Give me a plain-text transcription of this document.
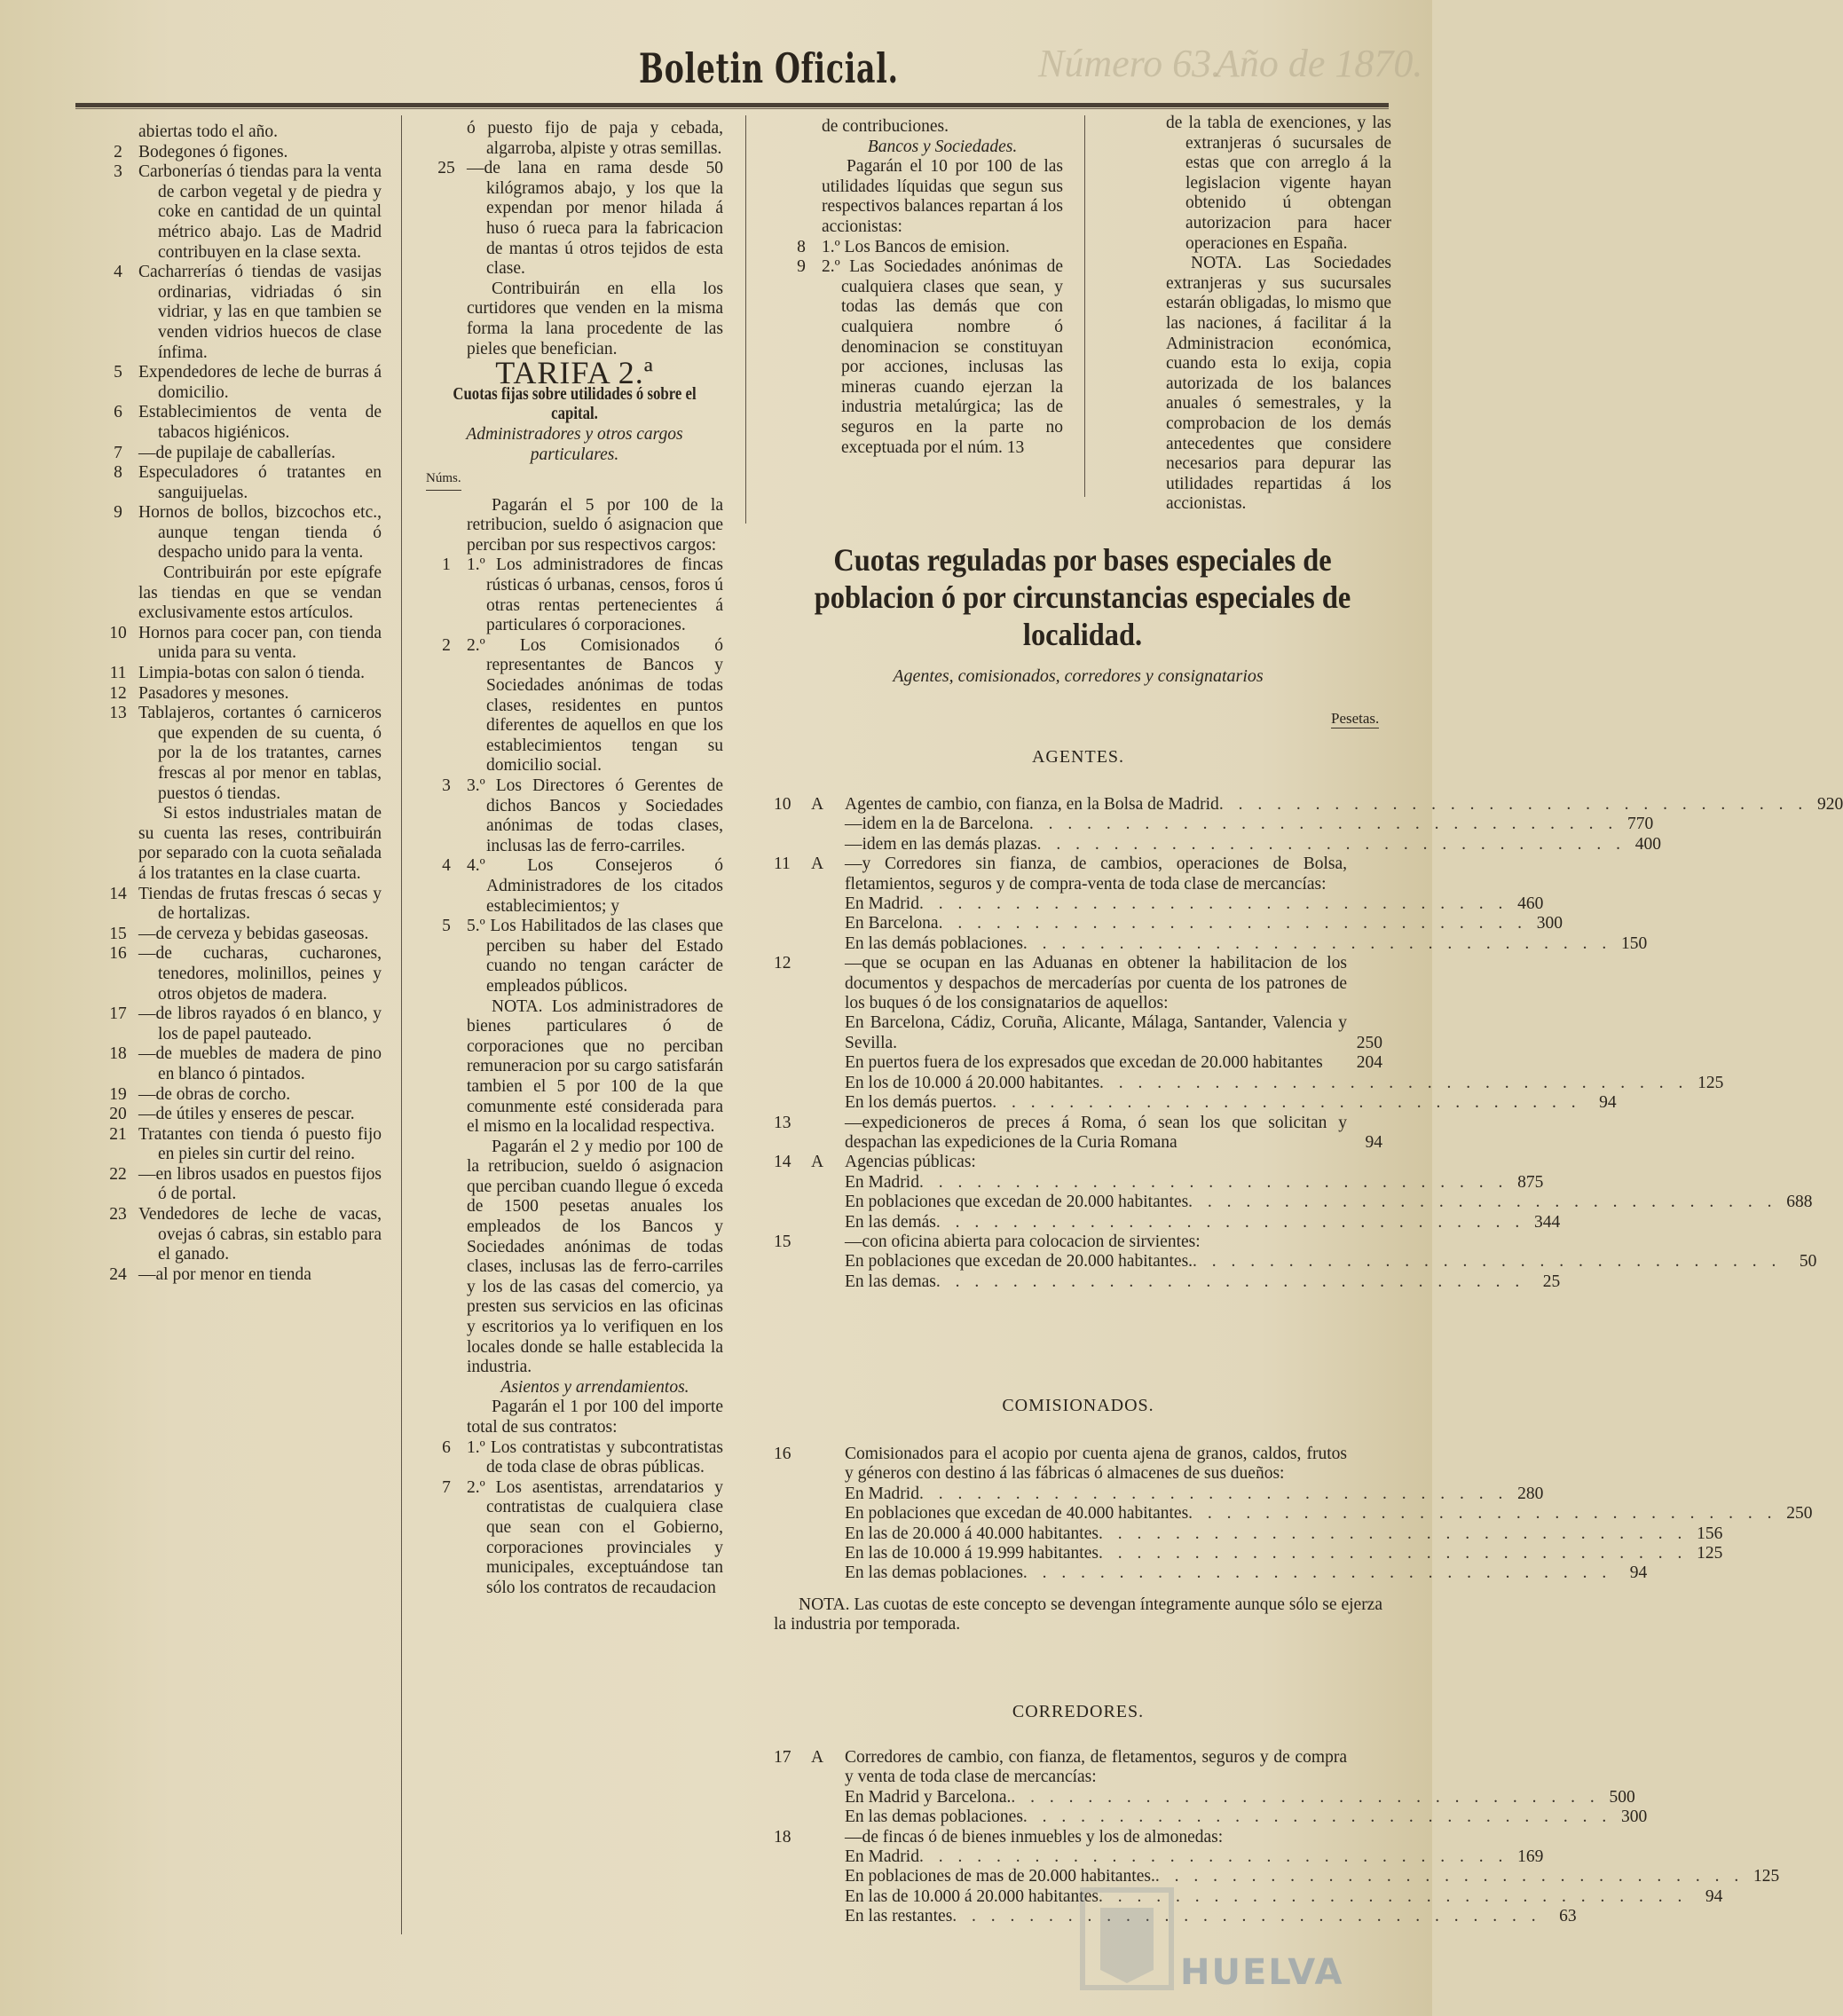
Año de 1870.
Número 63.
Boletin Oficial.
abiertas todo el año.
2 Bodegones ó figones.
3 Carbonerías ó tiendas para la venta de carbon vegetal y de piedra y coke en cantidad de un quintal métrico abajo. Las de Madrid contribuyen en la clase sexta.
4 Cacharrerías ó tiendas de vasijas ordinarias, vidriadas ó sin vidriar, y las en que tambien se venden vidrios huecos de clase ínfima.
5 Expendedores de leche de burras á domicilio.
6 Establecimientos de venta de tabacos higiénicos.
7 —de pupilaje de caballerías.
8 Especuladores ó tratantes en sanguijuelas.
9 Hornos de bollos, bizcochos etc., aunque tengan tienda ó despacho unido para la venta.
Contribuirán por este epígrafe las tiendas en que se vendan exclusivamente estos artículos.
10 Hornos para cocer pan, con tienda unida para su venta.
11 Limpia-botas con salon ó tienda.
12 Pasadores y mesones.
13 Tablajeros, cortantes ó carniceros que expenden de su cuenta, ó por la de los tratantes, carnes frescas al por menor en tablas, puestos ó tiendas.
Si estos industriales matan de su cuenta las reses, contribuirán por separado con la cuota señalada á los tratantes en la clase cuarta.
14 Tiendas de frutas frescas ó secas y de hortalizas.
15 —de cerveza y bebidas gaseosas.
16 —de cucharas, cucharones, tenedores, molinillos, peines y otros objetos de madera.
17 —de libros rayados ó en blanco, y los de papel pauteado.
18 —de muebles de madera de pino en blanco ó pintados.
19 —de obras de corcho.
20 —de útiles y enseres de pescar.
21 Tratantes con tienda ó puesto fijo en pieles sin curtir del reino.
22 —en libros usados en puestos fijos ó de portal.
23 Vendedores de leche de vacas, ovejas ó cabras, sin establo para el ganado.
24 —al por menor en tienda
ó puesto fijo de paja y cebada, algarroba, alpiste y otras semillas.
25 —de lana en rama desde 50 kilógramos abajo, y los que la expendan por menor hilada á huso ó rueca para la fabricacion de mantas ú otros tejidos de esta clase.
Contribuirán en ella los curtidores que venden en la misma forma la lana procedente de las pieles que benefician.
TARIFA 2.ª
Cuotas fijas sobre utilidades ó sobre el capital.
Administradores y otros cargos particulares.
Núms.
Pagarán el 5 por 100 de la retribucion, sueldo ó asignacion que perciban por sus respectivos cargos:
1 1.º Los administradores de fincas rústicas ó urbanas, censos, foros ú otras rentas pertenecientes á particulares ó corporaciones.
2 2.º Los Comisionados ó representantes de Bancos y Sociedades anónimas de todas clases, residentes en puntos diferentes de aquellos en que los establecimientos tengan su domicilio social.
3 3.º Los Directores ó Gerentes de dichos Bancos y Sociedades anónimas de todas clases, inclusas las de ferro-carriles.
4 4.º Los Consejeros ó Administradores de los citados establecimientos; y
5 5.º Los Habilitados de las clases que perciben su haber del Estado cuando no tengan carácter de empleados públicos.
NOTA. Los administradores de bienes particulares ó de corporaciones que no perciban remuneracion por su cargo satisfarán tambien el 5 por 100 de la que comunmente esté considerada para el mismo en la localidad respectiva.
Pagarán el 2 y medio por 100 de la retribucion, sueldo ó asignacion que perciban cuando llegue ó exceda de 1500 pesetas anuales los empleados de los Bancos y Sociedades anónimas de todas clases, inclusas las de ferro-carriles y los de las casas del comercio, ya presten sus servicios en las oficinas y escritorios ya lo verifiquen en los locales donde se halle establecida la industria.
Asientos y arrendamientos.
Pagarán el 1 por 100 del importe total de sus contratos:
6 1.º Los contratistas y subcontratistas de toda clase de obras públicas.
7 2.º Los asentistas, arrendatarios y contratistas de cualquiera clase que sean con el Gobierno, corporaciones provinciales y municipales, exceptuándose tan sólo los contratos de recaudacion
de contribuciones.
Bancos y Sociedades.
Pagarán el 10 por 100 de las utilidades líquidas que segun sus respectivos balances repartan á los accionistas:
8 1.º Los Bancos de emision.
9 2.º Las Sociedades anónimas de cualquiera clases que sean, y todas las demás que con cualquiera nombre ó denominacion se constituyan por acciones, inclusas las mineras cuando ejerzan la industria metalúrgica; las de seguros en la parte no exceptuada por el núm. 13
de la tabla de exenciones, y las extranjeras ó sucursales de estas que con arreglo á la legislacion vigente hayan obtenido ú obtengan autorizacion para hacer operaciones en España.
NOTA. Las Sociedades extranjeras y sus sucursales estarán obligadas, lo mismo que las naciones, á facilitar á la Administracion económica, cuando esta lo exija, copia autorizada de los balances anuales ó semestrales, y la comprobacion de los demás antecedentes que considere necesarios para depurar las utilidades repartidas á los accionistas.
Cuotas reguladas por bases especiales de poblacion ó por circunstancias especiales de localidad.
Agentes, comisionados, corredores y consignatarios
Pesetas.
AGENTES.
10	A	Agentes de cambio, con fianza, en la Bolsa de Madrid . . . . . . . . . . . . . . . . . . . . . . . . . . . . . . . 920
—idem en la de Barcelona . . . . . . . . . . . . . . . . . . . . . . . . . . . . . . . 770
—idem en las demás plazas . . . . . . . . . . . . . . . . . . . . . . . . . . . . . . . 400
11	A	—y Corredores sin fianza, de cambios, operaciones de Bolsa, fletamientos, seguros y de compra-venta de toda clase de mercancías:
En Madrid . . . . . . . . . . . . . . . . . . . . . . . . . . . . . . . 460
En Barcelona . . . . . . . . . . . . . . . . . . . . . . . . . . . . . . . 300
En las demás poblaciones . . . . . . . . . . . . . . . . . . . . . . . . . . . . . . . 150
12	—que se ocupan en las Aduanas en obtener la habilitacion de los documentos y despachos de mercaderías por cuenta de los patrones de los buques ó de los consignatarios de aquellos:
En Barcelona, Cádiz, Coruña, Alicante, Málaga, Santander, Valencia y Sevilla.	250
En puertos fuera de los expresados que excedan de 20.000 habitantes	204
En los de 10.000 á 20.000 habitantes . . . . . . . . . . . . . . . . . . . . . . . . . . . . . . . 125
En los demás puertos . . . . . . . . . . . . . . . . . . . . . . . . . . . . . . .	94
13	—expedicioneros de preces á Roma, ó sean los que solicitan y despachan las expediciones de la Curia Romana	94
14	A	Agencias públicas:
En Madrid . . . . . . . . . . . . . . . . . . . . . . . . . . . . . . . 875
En poblaciones que excedan de 20.000 habitantes . . . . . . . . . . . . . . . . . . . . . . . . . . . . . . . 688
En las demás . . . . . . . . . . . . . . . . . . . . . . . . . . . . . . . 344
15	—con oficina abierta para colocacion de sirvientes:
En poblaciones que excedan de 20.000 habitantes. . . . . . . . . . . . . . . . . . . . . . . . . . . . . . . .	50
En las demas . . . . . . . . . . . . . . . . . . . . . . . . . . . . . . .	25
COMISIONADOS.
16	Comisionados para el acopio por cuenta ajena de granos, caldos, frutos y géneros con destino á las fábricas ó almacenes de sus dueños:
En Madrid . . . . . . . . . . . . . . . . . . . . . . . . . . . . . . . 280
En poblaciones que excedan de 40.000 habitantes . . . . . . . . . . . . . . . . . . . . . . . . . . . . . . . 250
En las de 20.000 á 40.000 habitantes . . . . . . . . . . . . . . . . . . . . . . . . . . . . . . . 156
En las de 10.000 á 19.999 habitantes . . . . . . . . . . . . . . . . . . . . . . . . . . . . . . . 125
En las demas poblaciones . . . . . . . . . . . . . . . . . . . . . . . . . . . . . . .	94
NOTA. Las cuotas de este concepto se devengan íntegramente aunque sólo se ejerza la industria por temporada.
CORREDORES.
17	A	Corredores de cambio, con fianza, de fletamentos, seguros y de compra y venta de toda clase de mercancías:
En Madrid y Barcelona. . . . . . . . . . . . . . . . . . . . . . . . . . . . . . . . 500
En las demas poblaciones . . . . . . . . . . . . . . . . . . . . . . . . . . . . . . . 300
18	—de fincas ó de bienes inmuebles y los de almonedas:
En Madrid . . . . . . . . . . . . . . . . . . . . . . . . . . . . . . . 169
En poblaciones de mas de 20.000 habitantes. . . . . . . . . . . . . . . . . . . . . . . . . . . . . . . . 125
En las de 10.000 á 20.000 habitantes . . . . . . . . . . . . . . . . . . . . . . . . . . . . . . .	94
En las restantes . . . . . . . . . . . . . . . . . . . . . . . . . . . . . . .	63
HUELVA
